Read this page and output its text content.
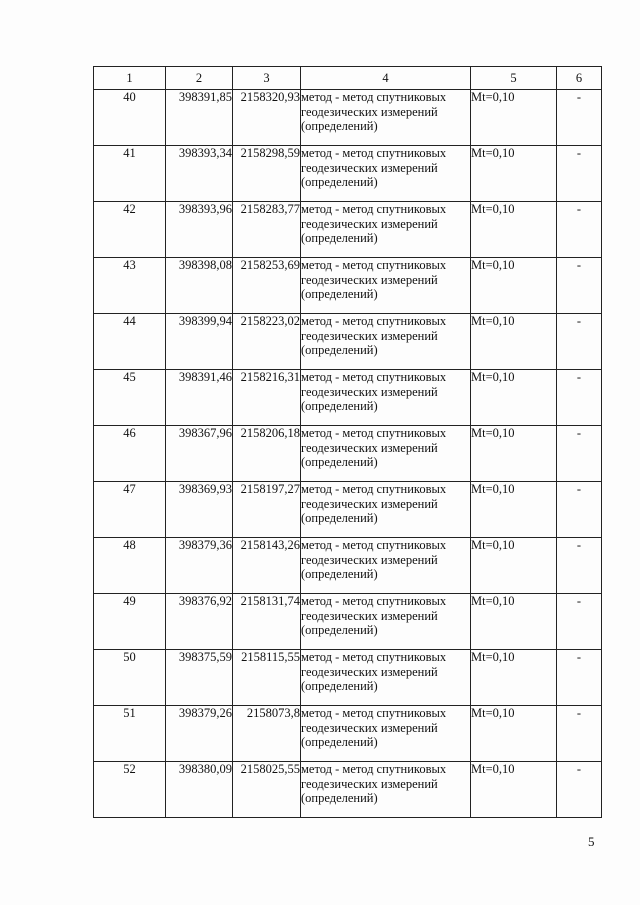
1	2	3	4	5	6
40	398391,85	2158320,93	метод - метод спутниковых геодезических измерений (определений)	Mt=0,10	-
41	398393,34	2158298,59	метод - метод спутниковых геодезических измерений (определений)	Mt=0,10	-
42	398393,96	2158283,77	метод - метод спутниковых геодезических измерений (определений)	Mt=0,10	-
43	398398,08	2158253,69	метод - метод спутниковых геодезических измерений (определений)	Mt=0,10	-
44	398399,94	2158223,02	метод - метод спутниковых геодезических измерений (определений)	Mt=0,10	-
45	398391,46	2158216,31	метод - метод спутниковых геодезических измерений (определений)	Mt=0,10	-
46	398367,96	2158206,18	метод - метод спутниковых геодезических измерений (определений)	Mt=0,10	-
47	398369,93	2158197,27	метод - метод спутниковых геодезических измерений (определений)	Mt=0,10	-
48	398379,36	2158143,26	метод - метод спутниковых геодезических измерений (определений)	Mt=0,10	-
49	398376,92	2158131,74	метод - метод спутниковых геодезических измерений (определений)	Mt=0,10	-
50	398375,59	2158115,55	метод - метод спутниковых геодезических измерений (определений)	Mt=0,10	-
51	398379,26	2158073,8	метод - метод спутниковых геодезических измерений (определений)	Mt=0,10	-
52	398380,09	2158025,55	метод - метод спутниковых геодезических измерений (определений)	Mt=0,10	-
5
